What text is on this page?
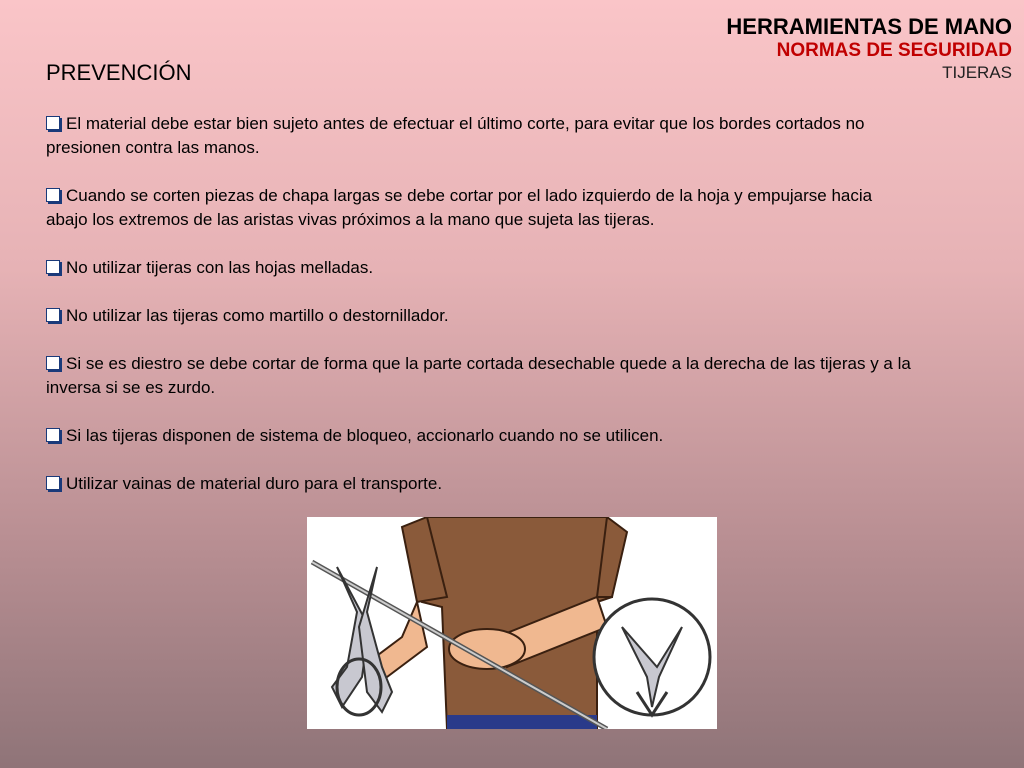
HERRAMIENTAS DE MANO
NORMAS DE SEGURIDAD
TIJERAS
PREVENCIÓN
El material debe estar bien sujeto antes de efectuar el último corte, para evitar que los bordes cortados no presionen contra las manos.
Cuando se corten piezas de chapa largas se debe cortar por el lado izquierdo de la hoja y empujarse hacia abajo los extremos de las aristas vivas próximos a la mano que sujeta las tijeras.
No utilizar tijeras con las hojas melladas.
No utilizar las tijeras como martillo o destornillador.
Si se es diestro se debe cortar de forma que la parte cortada desechable quede a la derecha de las tijeras y a la inversa si se es zurdo.
Si las tijeras disponen de sistema de bloqueo, accionarlo cuando no se utilicen.
Utilizar vainas de material duro para el transporte.
